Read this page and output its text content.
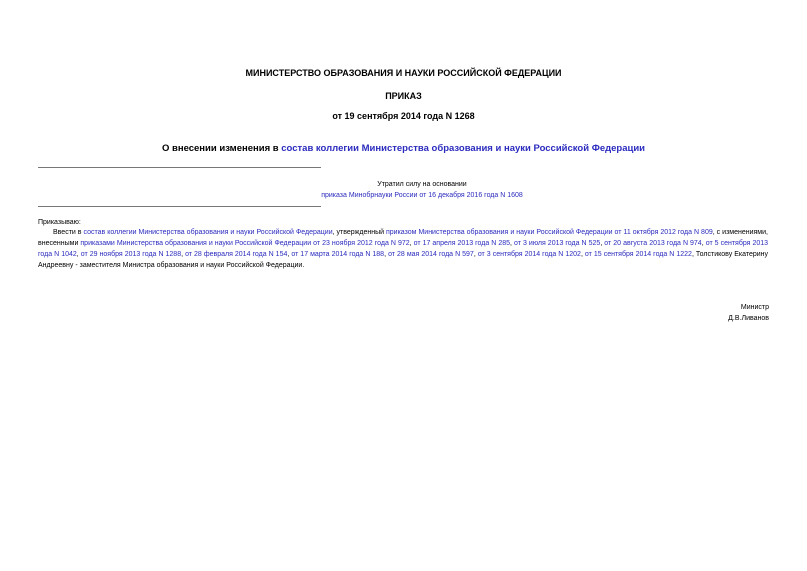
МИНИСТЕРСТВО ОБРАЗОВАНИЯ И НАУКИ РОССИЙСКОЙ ФЕДЕРАЦИИ
ПРИКАЗ
от 19 сентября 2014 года N 1268
О внесении изменения в состав коллегии Министерства образования и науки Российской Федерации
Утратил силу на основании
приказа Минобрнауки России от 16 декабря 2016 года N 1608
Приказываю:
Ввести в состав коллегии Министерства образования и науки Российской Федерации, утвержденный приказом Министерства образования и науки Российской Федерации от 11 октября 2012 года N 809, с изменениями, внесенными приказами Министерства образования и науки Российской Федерации от 23 ноября 2012 года N 972, от 17 апреля 2013 года N 285, от 3 июля 2013 года N 525, от 20 августа 2013 года N 974, от 5 сентября 2013 года N 1042, от 29 ноября 2013 года N 1288, от 28 февраля 2014 года N 154, от 17 марта 2014 года N 188, от 28 мая 2014 года N 597, от 3 сентября 2014 года N 1202, от 15 сентября 2014 года N 1222, Толстикову Екатерину Андреевну - заместителя Министра образования и науки Российской Федерации.
Министр
Д.В.Ливанов
